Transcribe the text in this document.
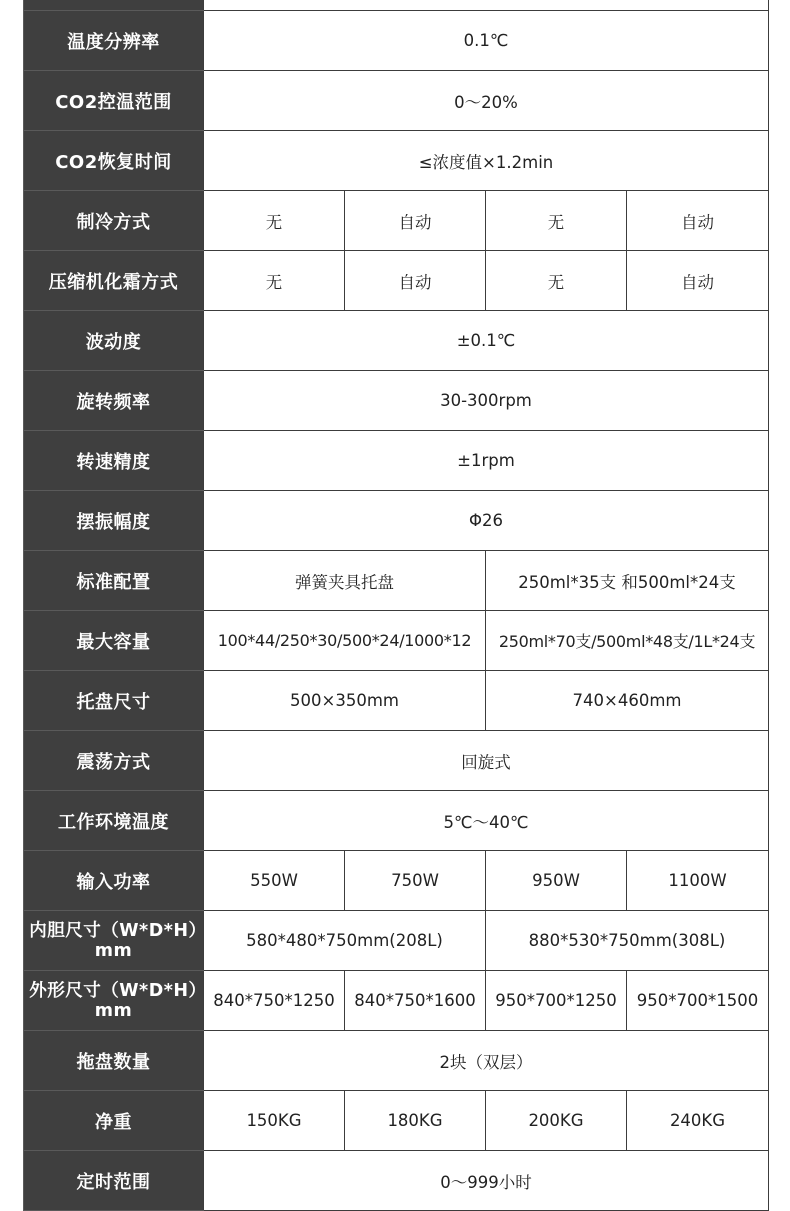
温度分辨率	0.1℃			
CO2控温范围	0～20%			
CO2恢复时间	≤浓度值×1.2min			
制冷方式	无	自动	无	自动
压缩机化霜方式	无	自动	无	自动
波动度	±0.1℃			
旋转频率	30-300rpm			
转速精度	±1rpm			
摆振幅度	Φ26			
标准配置	弹簧夹具托盘		250ml*35支 和500ml*24支	
最大容量	100*44/250*30/500*24/1000*12		250ml*70支/500ml*48支/1L*24支	
托盘尺寸	500×350mm		740×460mm	
震荡方式	回旋式			
工作环境温度	5℃～40℃			
输入功率	550W	750W	950W	1100W
内胆尺寸（W*D*H）mm	580*480*750mm(208L)		880*530*750mm(308L)	
外形尺寸（W*D*H）mm	840*750*1250	840*750*1600	950*700*1250	950*700*1500
拖盘数量	2块（双层）			
净重	150KG	180KG	200KG	240KG
定时范围	0～999小时			
